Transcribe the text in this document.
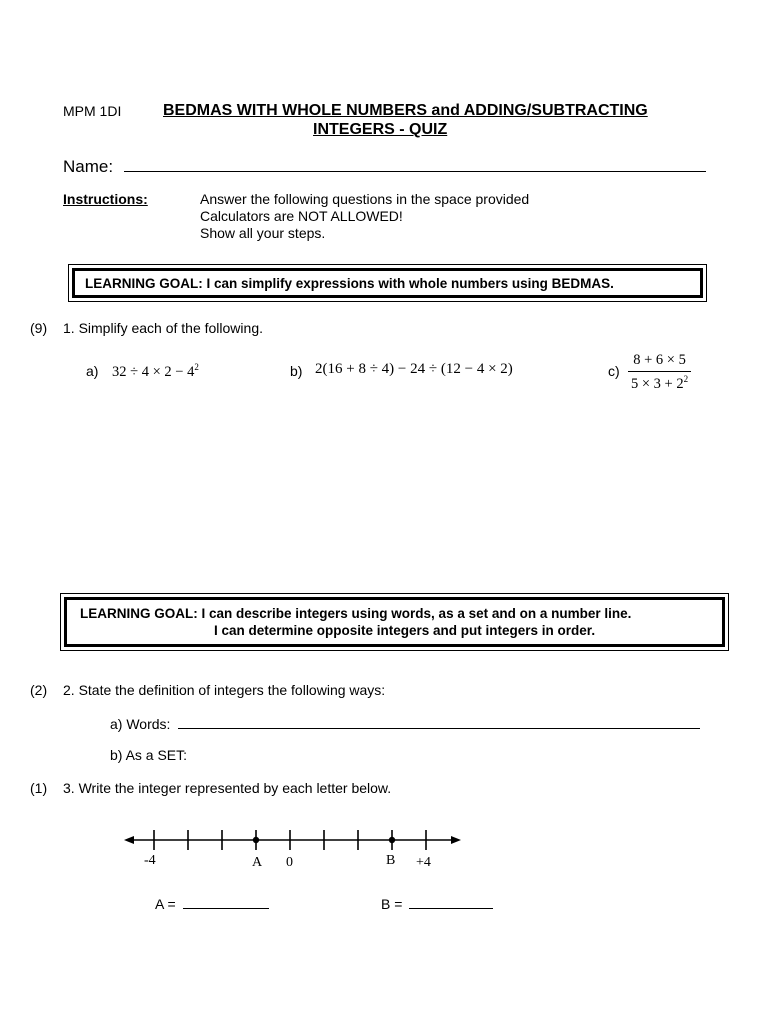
MPM 1DI	BEDMAS WITH WHOLE NUMBERS and ADDING/SUBTRACTING
INTEGERS - QUIZ
Name:
Instructions:	Answer the following questions in the space provided
Calculators are NOT ALLOWED!
Show all your steps.
LEARNING GOAL: I can simplify expressions with whole numbers using BEDMAS.
(9) 1. Simplify each of the following.
a) $32 \div 4 \times 2 - 4^2$	b) 2(16 + 8 ÷ 4) − 24 ÷ (12 − 4 × 2)	$c) \frac{8 + 6 \times 5}{5 \times 3 + 2^2}$
LEARNING GOAL: I can describe integers using words, as a set and on a number line.
I can determine opposite integers and put integers in order.
(2) 2. State the definition of integers the following ways:
a) Words:
b) As a SET:
(1) 3. Write the integer represented by each letter below.
-4	A 0	B +4
A =	B =
